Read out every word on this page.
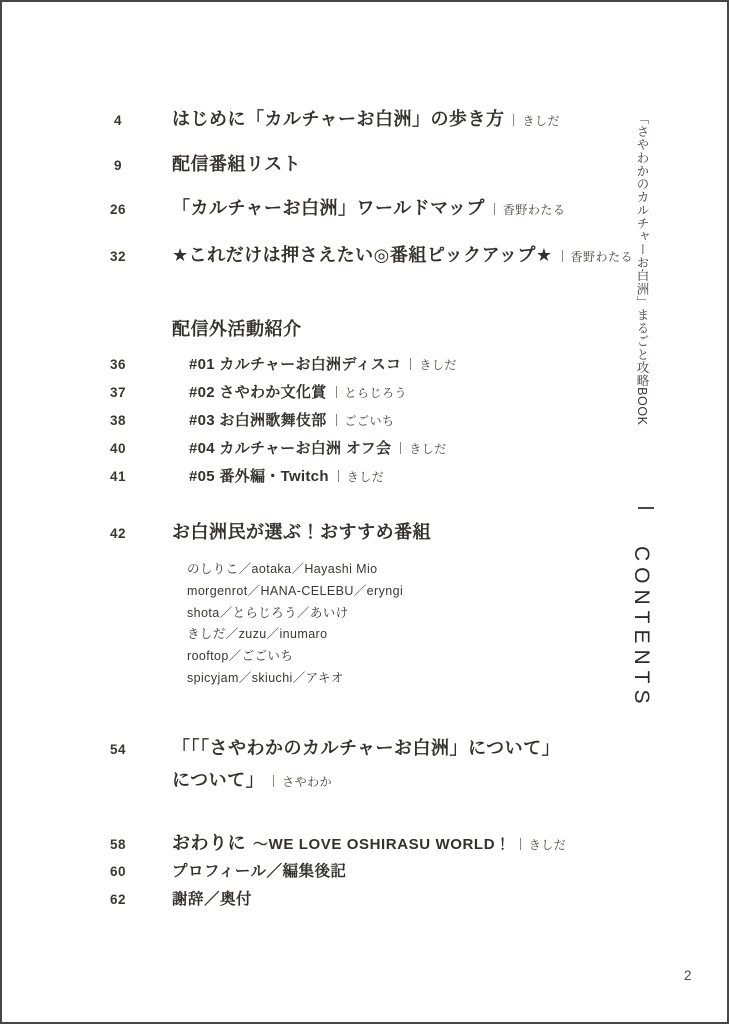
4	はじめに「カルチャーお白洲」の歩き方 きしだ
9	配信番組リスト
26	「カルチャーお白洲」ワールドマップ 香野わたる
32	★これだけは押さえたい◎番組ピックアップ★ 香野わたる
配信外活動紹介
36	#01 カルチャーお白洲ディスコ きしだ
37	#02 さやわか文化賞 とらじろう
38	#03 お白洲歌舞伎部 ごごいち
40	#04 カルチャーお白洲 オフ会 きしだ
41	#05 番外編・Twitch きしだ
42	お白洲民が選ぶ！おすすめ番組
のしりこ／aotaka／Hayashi Mio
morgenrot／HANA-CELEBU／eryngi
shota／とらじろう／あいけ
きしだ／zuzu／inumaro
rooftop／ごごいち
spicyjam／skiuchi／アキオ
54	「「「さやわかのカルチャーお白洲」について」
について」 さやわか
58	おわりに ～WE LOVE OSHIRASU WORLD！ きしだ
60	プロフィール／編集後記
62	謝辞／奥付
「さやわかのカルチャーお白洲」まるごと攻略BOOK
CONTENTS
2
